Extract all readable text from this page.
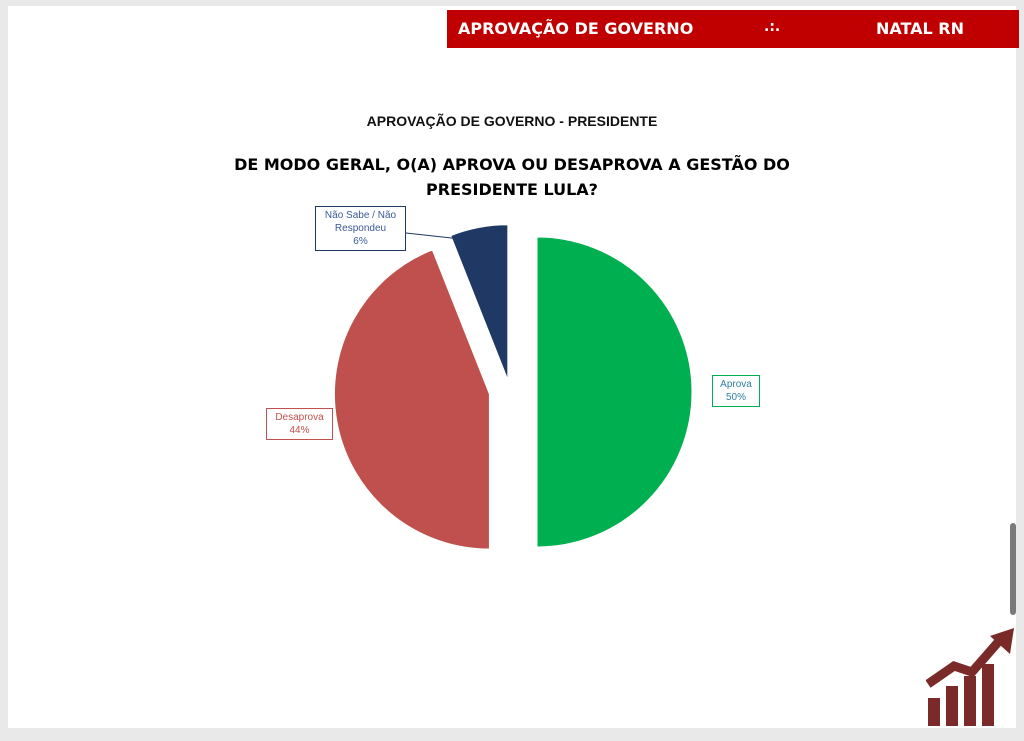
APROVAÇÃO DE GOVERNO	.:.	NATAL RN
APROVAÇÃO DE GOVERNO - PRESIDENTE
DE MODO GERAL, O(A) APROVA OU DESAPROVA A GESTÃO DO PRESIDENTE LULA?
Não Sabe / Não Respondeu
6%
Aprova
50%
Desaprova
44%
